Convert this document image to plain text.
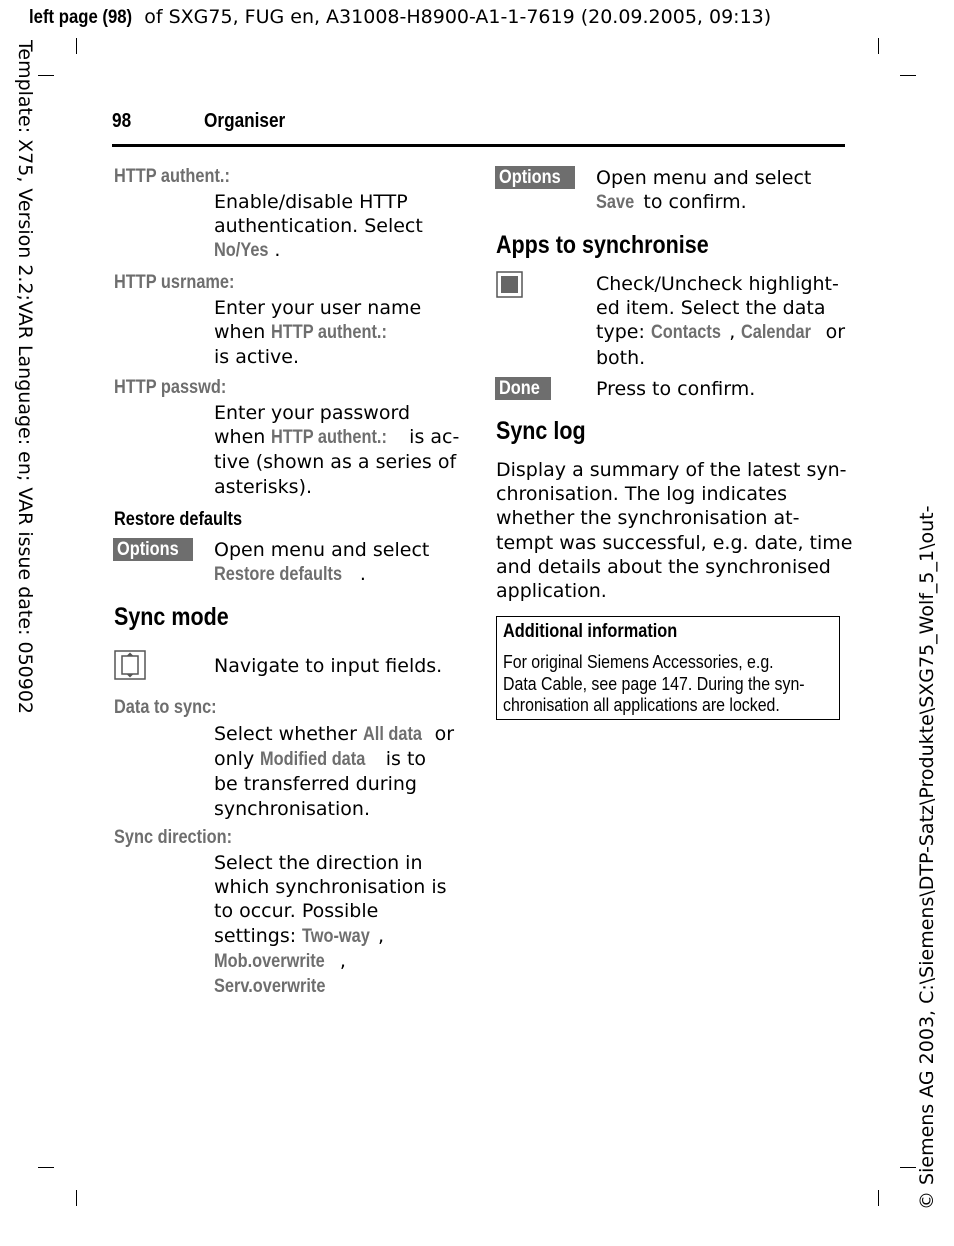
left page (98) of SXG75, FUG en, A31008-H8900-A1-1-7619 (20.09.2005, 09:13)
Template: X75, Version 2.2;VAR Language: en; VAR issue date: 050902
© Siemens AG 2003, C:\Siemens\DTP-Satz\Produkte\SXG75_Wolf_5_1\out-
98	Organiser
HTTP authent.:
Enable/disable HTTP
authentication. Select
No/Yes .
HTTP usrname:
Enter your user name
when HTTP authent.:
is active.
HTTP passwd:
Enter your password
when HTTP authent.: is ac-
tive (shown as a series of
asterisks).
Restore defaults
Options	Open menu and select
Restore defaults .
Sync mode
Navigate to input fields.
Data to sync:
Select whether All data or
only Modified data is to
be transferred during
synchronisation.
Sync direction:
Select the direction in
which synchronisation is
to occur. Possible
settings: Two-way ,
Mob.overwrite ,
Serv.overwrite
Options	Open menu and select
Save to confirm.
Apps to synchronise
Check/Uncheck highlight-
ed item. Select the data
type: Contacts , Calendar or
both.
Done	Press to confirm.
Sync log
Display a summary of the latest syn-
chronisation. The log indicates
whether the synchronisation at-
tempt was successful, e.g. date, time
and details about the synchronised
application.
Additional information
For original Siemens Accessories, e.g.
Data Cable, see page 147. During the syn-
chronisation all applications are locked.
